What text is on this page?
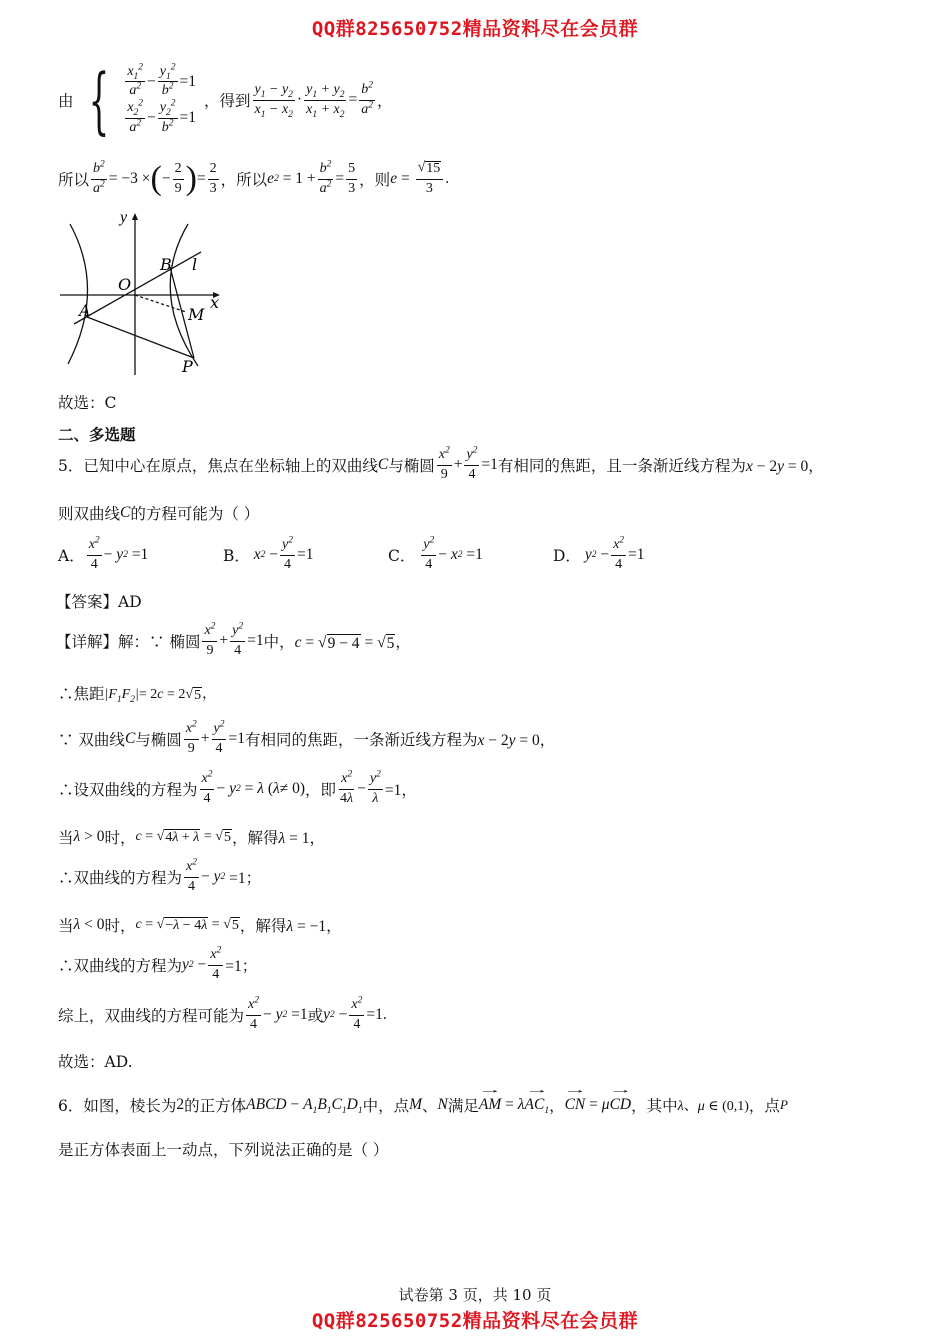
QQ群825650752精品资料尽在会员群
由 { $\frac{x_1^2}{a^2} - \frac{y_1^2}{b^2} =1$
$\frac{x_2^2}{a^2} - \frac{y_2^2}{b^2} =1$
，得到 $\frac{y_1 - y_2}{x_1 - x_2} \cdot \frac{y_1 + y_2}{x_1 + x_2} = \frac{b^2}{a^2}$ ，
所以 $\frac{b^2}{a^2} = -3$ × ( − $\frac{2}{9}$ ) = $\frac{2}{3}$ ，所以 e $2 = 1 + \frac{b^2}{a^2} = \frac{5}{3}$ ，则 $e = \frac{√ 15}{3}$ .
y
O
B l
A	x
M
P
故选：C
二、多选题
5．已知中心在原点，焦点在坐标轴上的双曲线 C 与椭圆 $\frac{x^2}{9} + \frac{y^2}{4} =1$ 有相同的焦距，且一条渐近线方程为 x − 2y = 0，
则双曲线 C 的方程可能为（ ）
A． $\frac{x^2}{4} - y$ 2 =1	B． x $2 - \frac{y^2}{4} =1$	C．
$\frac{y^2}{4} - x$ 2 =1	D． y $2 - \frac{x^2}{4} =1$
【答案】AD
【详解】解： ∵ 椭圆 $\frac{x^2}{9} + \frac{y^2}{4} =1$ 中， c = √ 9 − 4 = √ 5 ，
∴焦距 $|F_1F_2|= 2c = 2$ √ 5 ，
∵ 双曲线 C 与椭圆 $\frac{x^2}{9} + \frac{y^2}{4} =1$ 有相同的焦距，一条渐近线方程为 x − 2y = 0，
∴设双曲线的方程为 $\frac{x^2}{4} - y$ 2 = λ ( λ ≠ 0) ，即 $\frac{x^2}{4\lambda} - \frac{y^2}{\lambda} =1$，
当 λ > 0 时， c = √ 4λ + λ = √ 5 ，解得 λ = 1，
∴双曲线的方程为 $\frac{x^2}{4} - y$ 2 =1；
当 λ < 0 时， c = √ −λ − 4λ = √ 5 ，解得 λ = −1，
∴双曲线的方程为 y $2 - \frac{x^2}{4} =1$；
综上，双曲线的方程可能为 $\frac{x^2}{4} - y$ 2 =1 或 y $2 - \frac{x^2}{4} =1$.
故选：AD.
6．如图，棱长为 2 的正方体 ABCD − $A_1B_1C_1D_1$ 中，点 M 、 N 满足 → AM = $\lambda\to AC_1$ ， → CN = μ→ CD ，其中 λ、μ ∈ (0,1) ，点 P
是正方体表面上一动点，下列说法正确的是（ ）
试卷第 3 页，共 10 页
QQ群825650752精品资料尽在会员群
